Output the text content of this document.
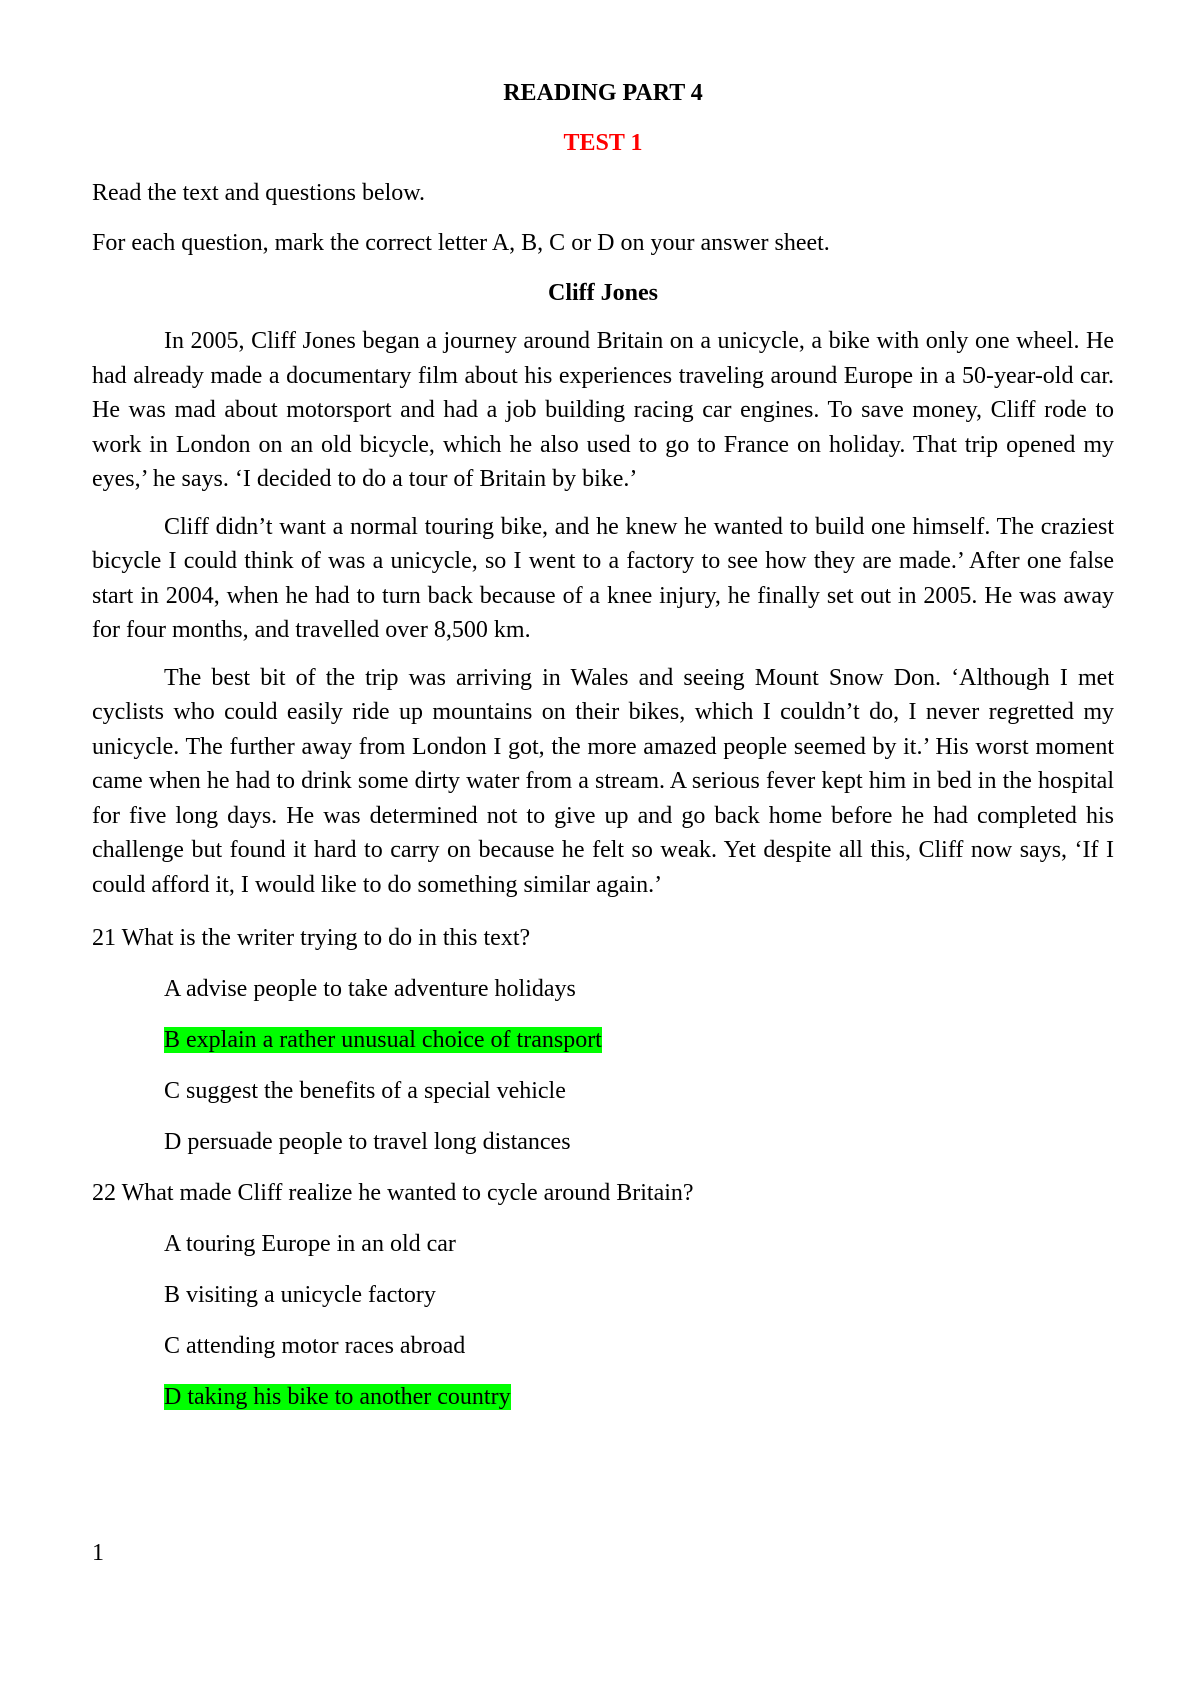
READING PART 4

TEST 1

Read the text and questions below.

For each question, mark the correct letter A, B, C or D on your answer sheet.

Cliff Jones

In 2005, Cliff Jones began a journey around Britain on a unicycle, a bike with only one wheel. He had already made a documentary film about his experiences traveling around Europe in a 50-year-old car. He was mad about motorsport and had a job building racing car engines. To save money, Cliff rode to work in London on an old bicycle, which he also used to go to France on holiday. That trip opened my eyes,’ he says. ‘I decided to do a tour of Britain by bike.’

Cliff didn’t want a normal touring bike, and he knew he wanted to build one himself. The craziest bicycle I could think of was a unicycle, so I went to a factory to see how they are made.’ After one false start in 2004, when he had to turn back because of a knee injury, he finally set out in 2005. He was away for four months, and travelled over 8,500 km.

The best bit of the trip was arriving in Wales and seeing Mount Snow Don. ‘Although I met cyclists who could easily ride up mountains on their bikes, which I couldn’t do, I never regretted my unicycle. The further away from London I got, the more amazed people seemed by it.’ His worst moment came when he had to drink some dirty water from a stream. A serious fever kept him in bed in the hospital for five long days. He was determined not to give up and go back home before he had completed his challenge but found it hard to carry on because he felt so weak. Yet despite all this, Cliff now says, ‘If I could afford it, I would like to do something similar again.’

21 What is the writer trying to do in this text?

A advise people to take adventure holidays

B explain a rather unusual choice of transport

C suggest the benefits of a special vehicle

D persuade people to travel long distances

22 What made Cliff realize he wanted to cycle around Britain?

A touring Europe in an old car

B visiting a unicycle factory

C attending motor races abroad

D taking his bike to another country

1
